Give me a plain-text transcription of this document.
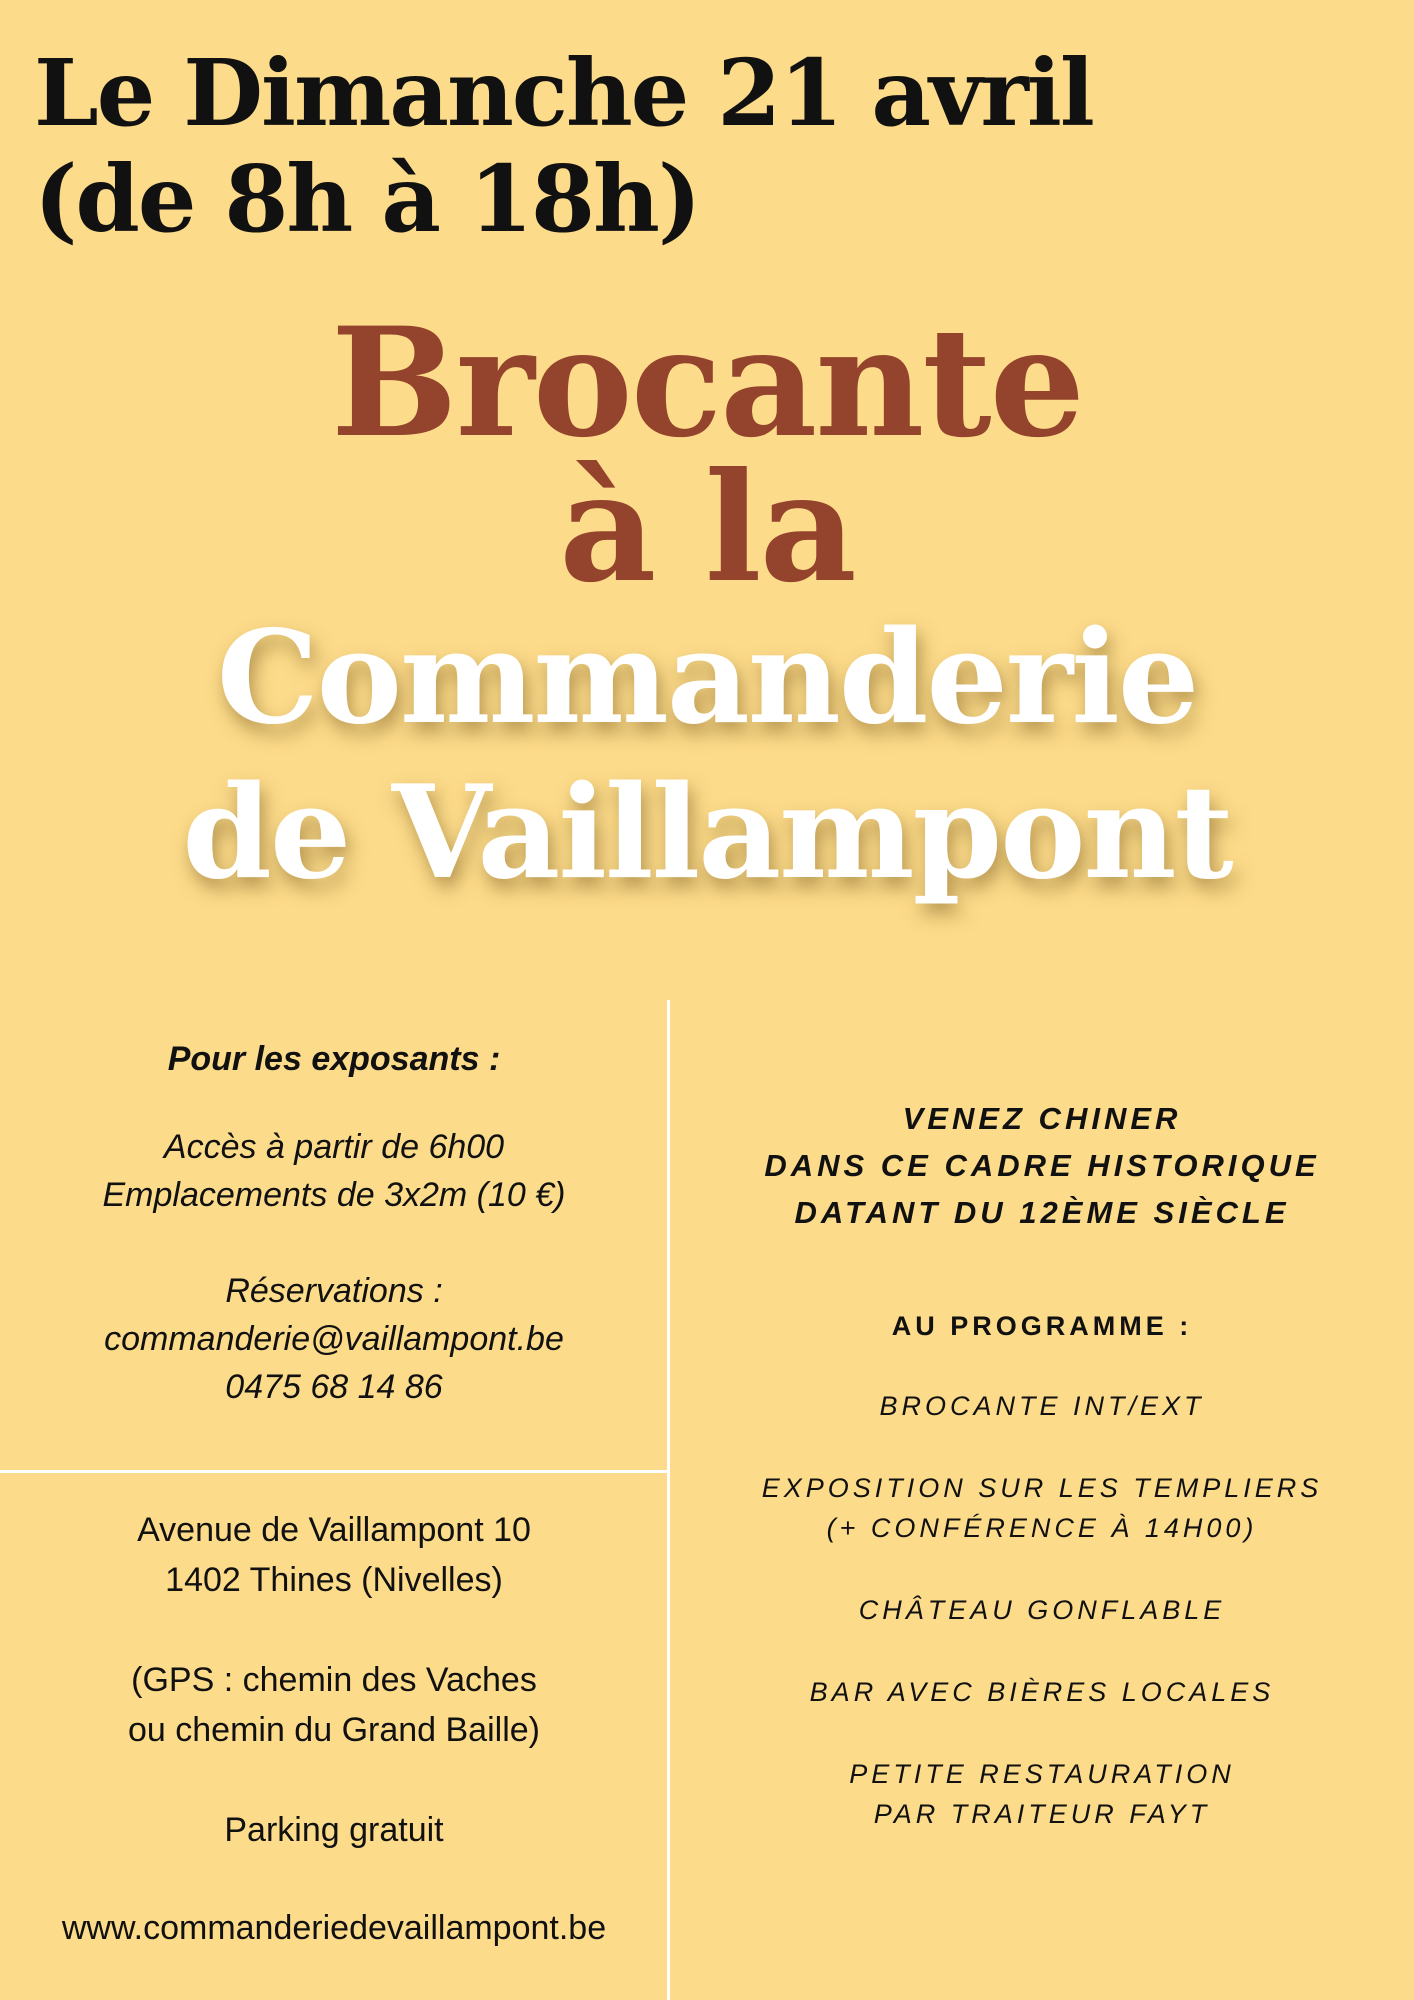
Le Dimanche 21 avril
(de 8h à 18h)
Brocante
à la
Commanderie
de Vaillampont
Pour les exposants :
Accès à partir de 6h00
Emplacements de 3x2m (10 €)
Réservations :
commanderie@vaillampont.be
0475 68 14 86
Avenue de Vaillampont 10
1402 Thines (Nivelles)
(GPS : chemin des Vaches
ou chemin du Grand Baille)
Parking gratuit
www.commanderiedevaillampont.be
VENEZ CHINER
DANS CE CADRE HISTORIQUE
DATANT DU 12ÈME SIÈCLE
AU PROGRAMME :
BROCANTE INT/EXT
EXPOSITION SUR LES TEMPLIERS
(+ CONFÉRENCE À 14H00)
CHÂTEAU GONFLABLE
BAR AVEC BIÈRES LOCALES
PETITE RESTAURATION
PAR TRAITEUR FAYT
